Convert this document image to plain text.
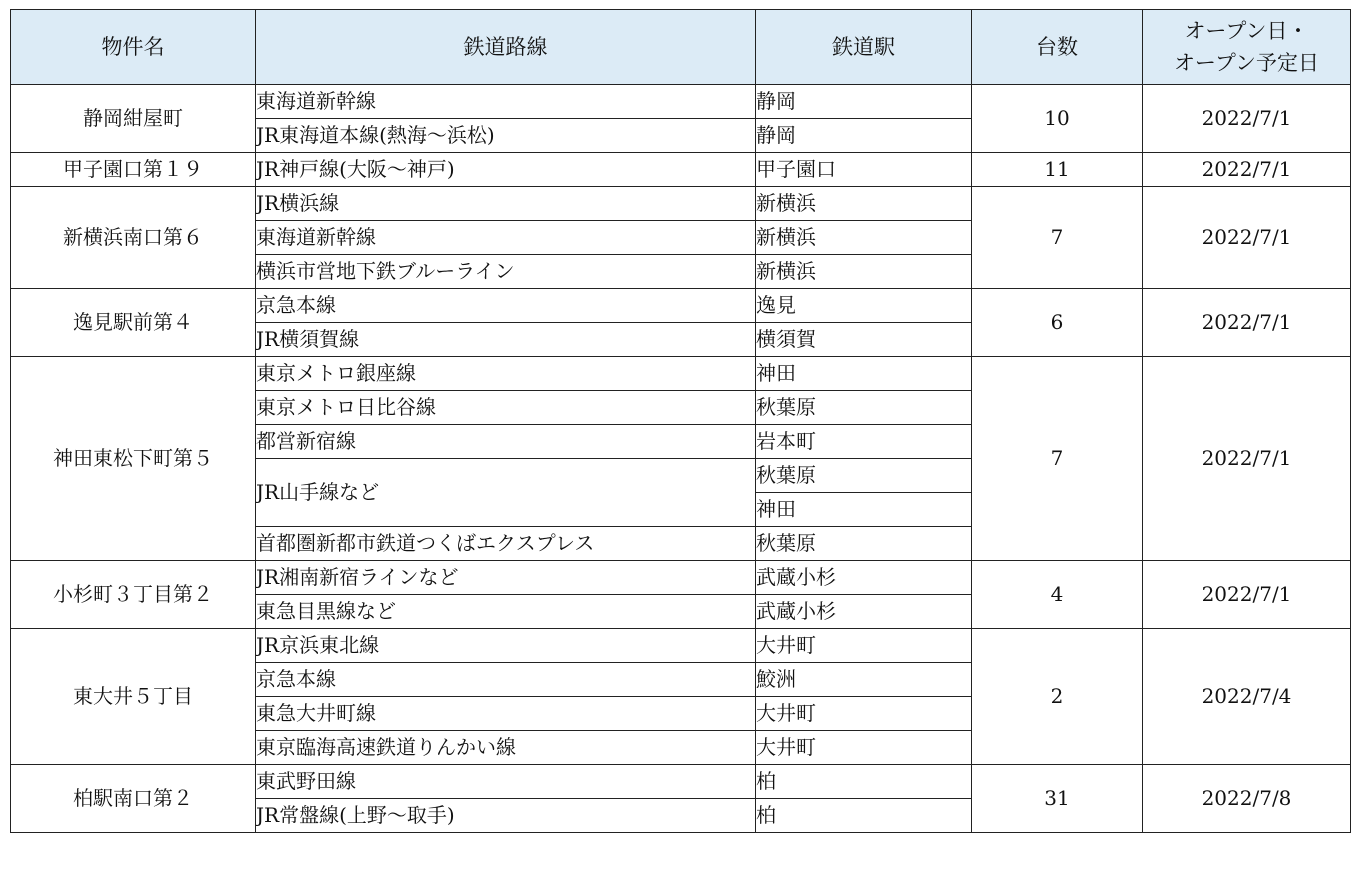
物件名	鉄道路線	鉄道駅	台数	オープン日・
オープン予定日

静岡紺屋町	東海道新幹線	静岡	10	2022/7/1
	JR東海道本線(熱海～浜松)	静岡		
甲子園口第１９	JR神戸線(大阪～神戸)	甲子園口	11	2022/7/1
新横浜南口第６	JR横浜線	新横浜	7	2022/7/1
	東海道新幹線	新横浜		
	横浜市営地下鉄ブルーライン	新横浜		
逸見駅前第４	京急本線	逸見	6	2022/7/1
	JR横須賀線	横須賀		
神田東松下町第５	東京メトロ銀座線	神田	7	2022/7/1
	東京メトロ日比谷線	秋葉原		
	都営新宿線	岩本町		
	JR山手線など	秋葉原		
		神田		
	首都圏新都市鉄道つくばエクスプレス	秋葉原		
小杉町３丁目第２	JR湘南新宿ラインなど	武蔵小杉	4	2022/7/1
	東急目黒線など	武蔵小杉		
東大井５丁目	JR京浜東北線	大井町	2	2022/7/4
	京急本線	鮫洲		
	東急大井町線	大井町		
	東京臨海高速鉄道りんかい線	大井町		
柏駅南口第２	東武野田線	柏	31	2022/7/8
	JR常盤線(上野～取手)	柏		
